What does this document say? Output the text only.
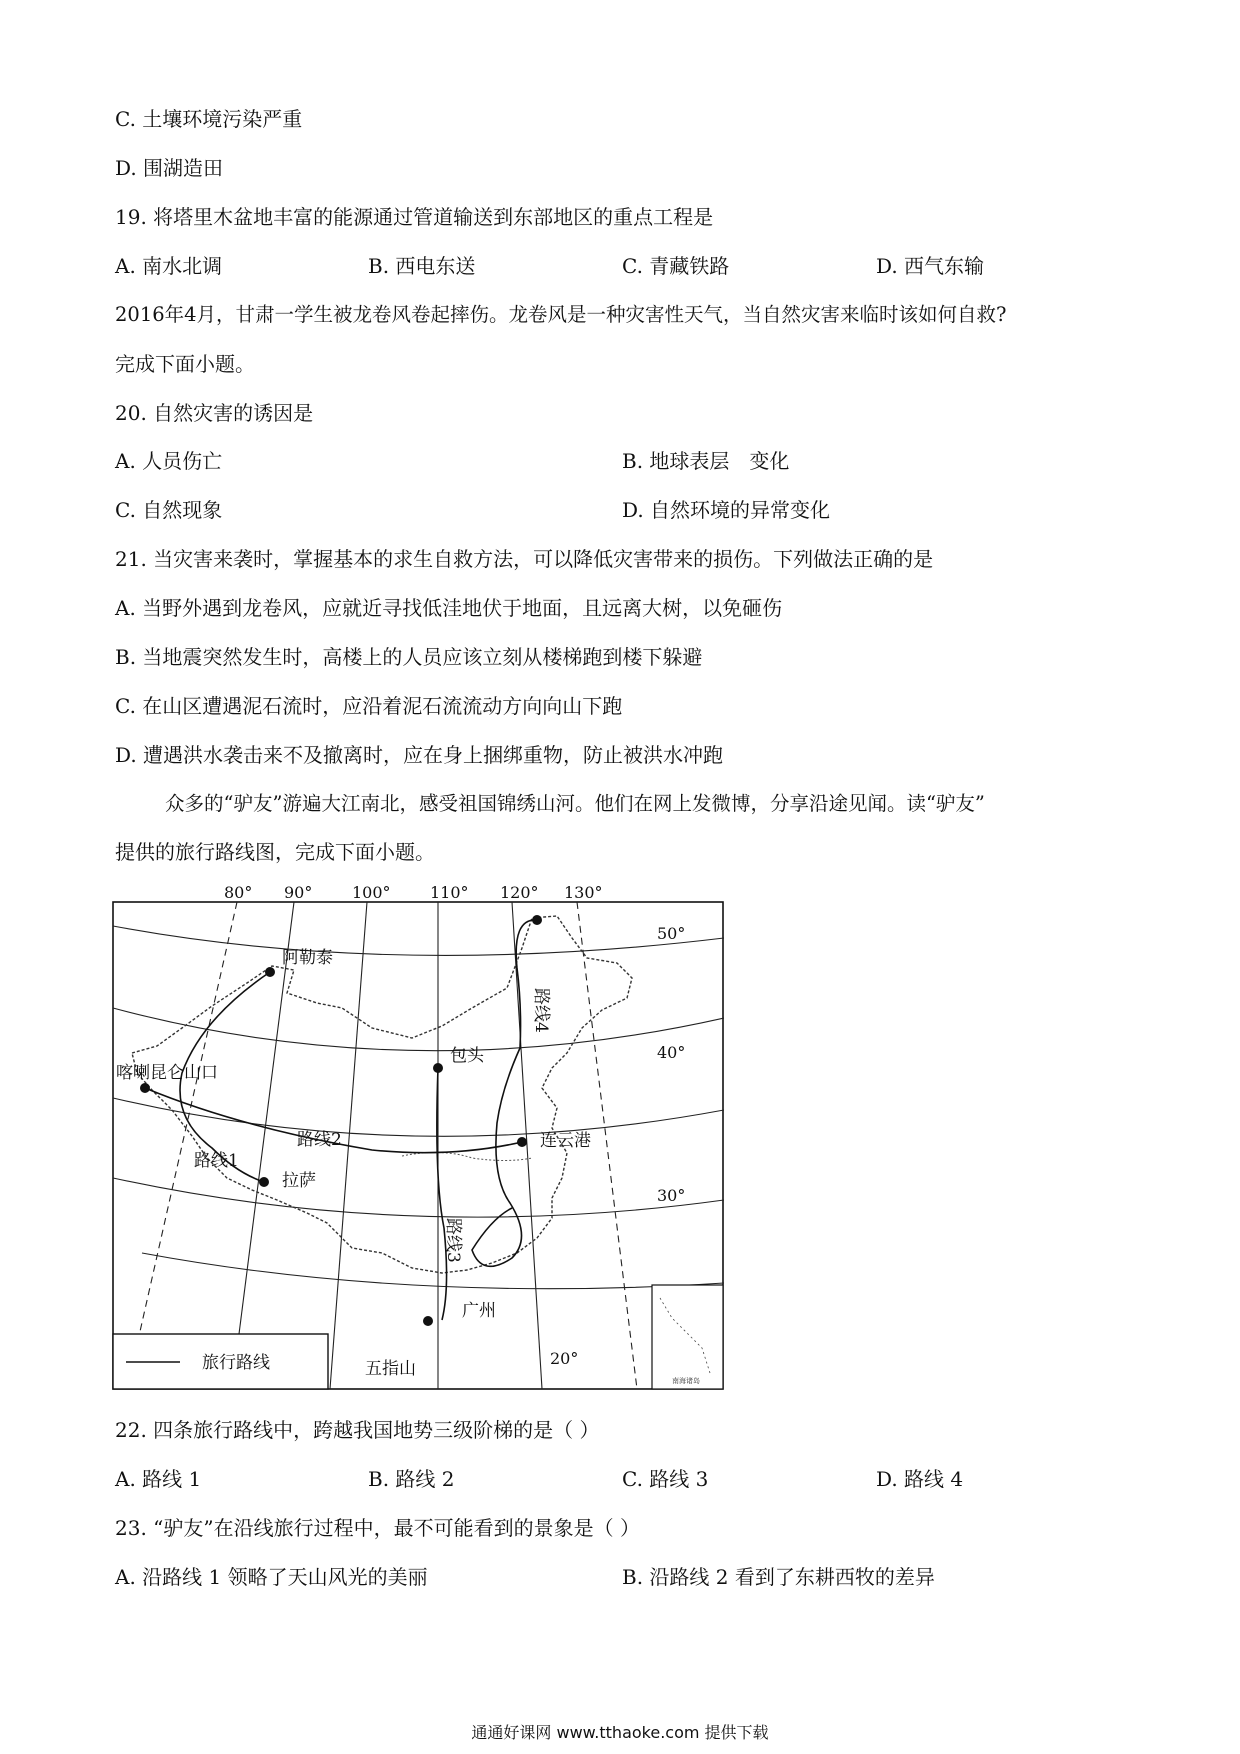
C. 土壤环境污染严重
D. 围湖造田
19. 将塔里木盆地丰富的能源通过管道输送到东部地区的重点工程是
A. 南水北调	B. 西电东送	C. 青藏铁路	D. 西气东输
2016年4月，甘肃一学生被龙卷风卷起摔伤。龙卷风是一种灾害性天气，当自然灾害来临时该如何自救?
完成下面小题。
20. 自然灾害的诱因是
A. 人员伤亡	B. 地球表层　变化
C. 自然现象	D. 自然环境的异常变化
21. 当灾害来袭时，掌握基本的求生自救方法，可以降低灾害带来的损伤。下列做法正确的是
A. 当野外遇到龙卷风，应就近寻找低洼地伏于地面，且远离大树，以免砸伤
B. 当地震突然发生时，高楼上的人员应该立刻从楼梯跑到楼下躲避
C. 在山区遭遇泥石流时，应沿着泥石流流动方向向山下跑
D. 遭遇洪水袭击来不及撤离时，应在身上捆绑重物，防止被洪水冲跑
众多的“驴友”游遍大江南北，感受祖国锦绣山河。他们在网上发微博，分享沿途见闻。读“驴友”
提供的旅行路线图，完成下面小题。
80° 90° 100° 110° 120° 130°
阿勒泰
包头
喀喇昆仑山口
连云港
拉萨
广州
五指山
路线1
路线2
路线3
路线4
50°
40°
30°
20°
旅行路线
南海诸岛
22. 四条旅行路线中，跨越我国地势三级阶梯的是（ ）
A. 路线 1	B. 路线 2	C. 路线 3	D. 路线 4
23. “驴友”在沿线旅行过程中，最不可能看到的景象是（ ）
A. 沿路线 1 领略了天山风光的美丽	B. 沿路线 2 看到了东耕西牧的差异
通通好课网 www.tthaoke.com 提供下载
